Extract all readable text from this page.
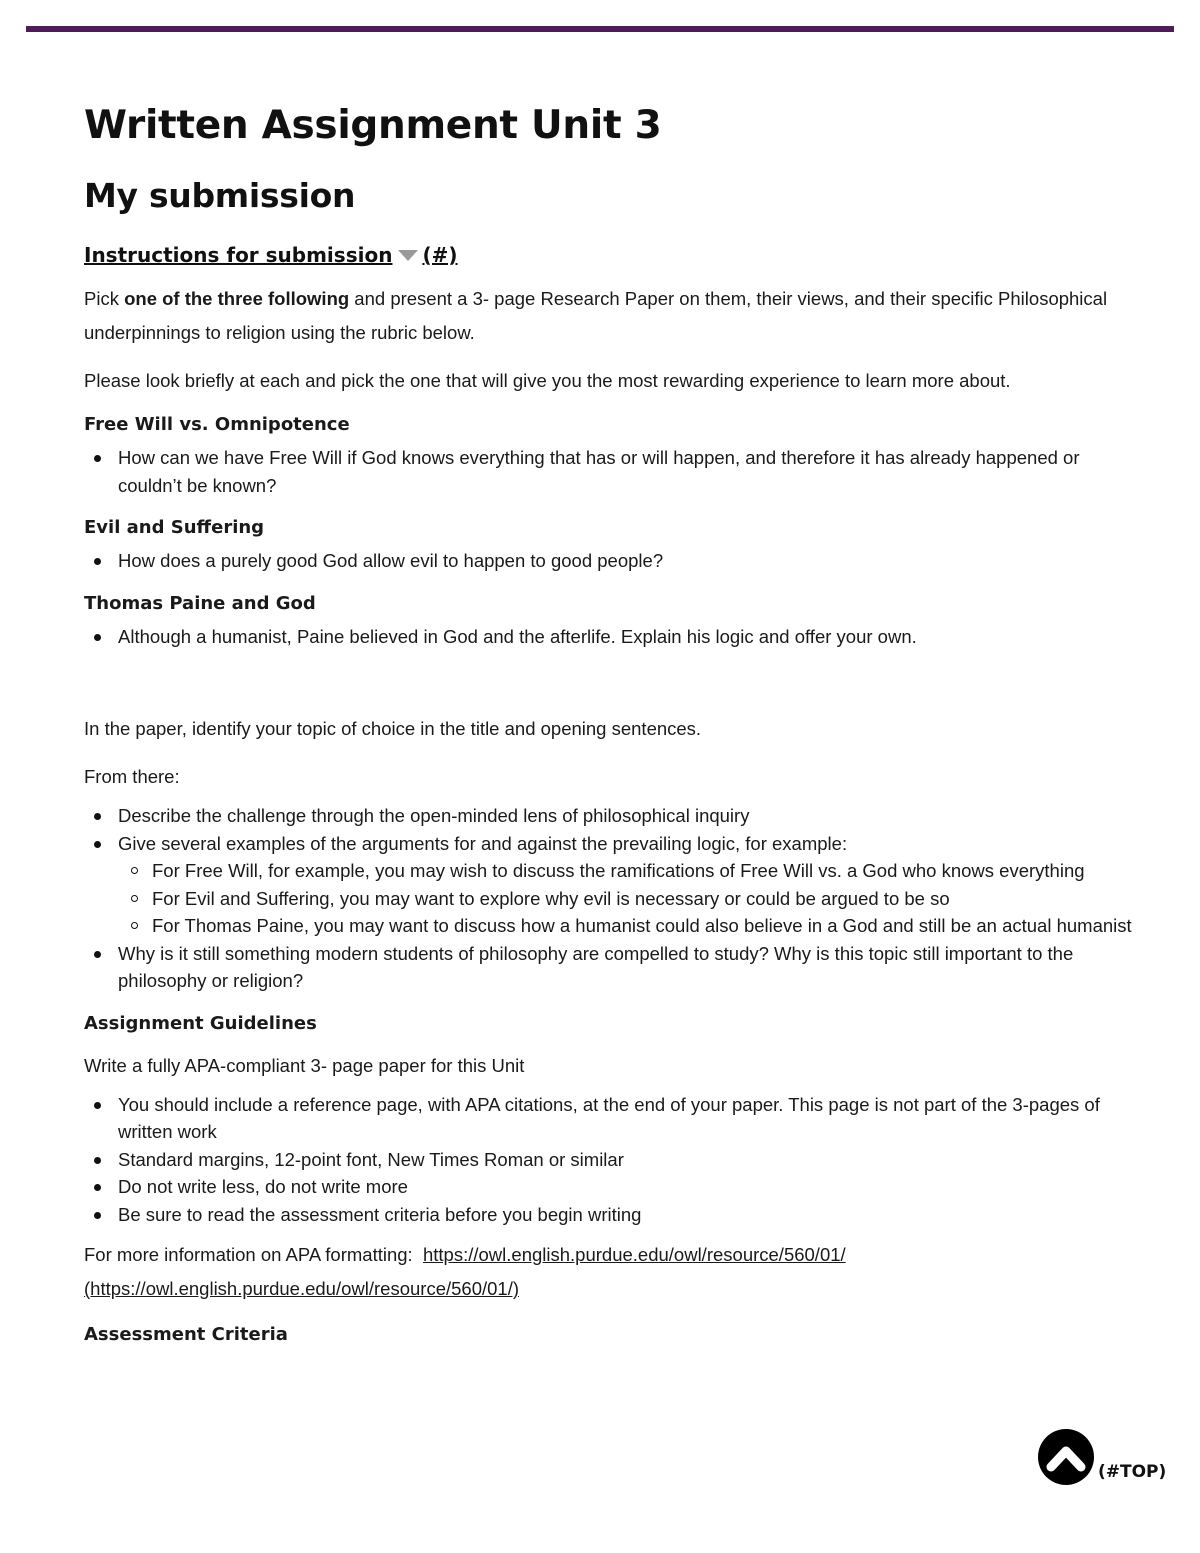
Written Assignment Unit 3
My submission
Instructions for submission (#)

Pick one of the three following and present a 3- page Research Paper on them, their views, and their specific Philosophical underpinnings to religion using the rubric below.

Please look briefly at each and pick the one that will give you the most rewarding experience to learn more about.

Free Will vs. Omnipotence
How can we have Free Will if God knows everything that has or will happen, and therefore it has already happened or couldn’t be known?
Evil and Suffering
How does a purely good God allow evil to happen to good people?
Thomas Paine and God
Although a humanist, Paine believed in God and the afterlife. Explain his logic and offer your own.

In the paper, identify your topic of choice in the title and opening sentences.

From there:

Describe the challenge through the open-minded lens of philosophical inquiry
Give several examples of the arguments for and against the prevailing logic, for example:
For Free Will, for example, you may wish to discuss the ramifications of Free Will vs. a God who knows everything
For Evil and Suffering, you may want to explore why evil is necessary or could be argued to be so
For Thomas Paine, you may want to discuss how a humanist could also believe in a God and still be an actual humanist
Why is it still something modern students of philosophy are compelled to study? Why is this topic still important to the philosophy or religion?
Assignment Guidelines

Write a fully APA-compliant 3- page paper for this Unit

You should include a reference page, with APA citations, at the end of your paper. This page is not part of the 3-pages of written work
Standard margins, 12-point font, New Times Roman or similar
Do not write less, do not write more
Be sure to read the assessment criteria before you begin writing

For more information on APA formatting:  https://owl.english.purdue.edu/owl/resource/560/01/
(https://owl.english.purdue.edu/owl/resource/560/01/)

Assessment Criteria
(#TOP)
